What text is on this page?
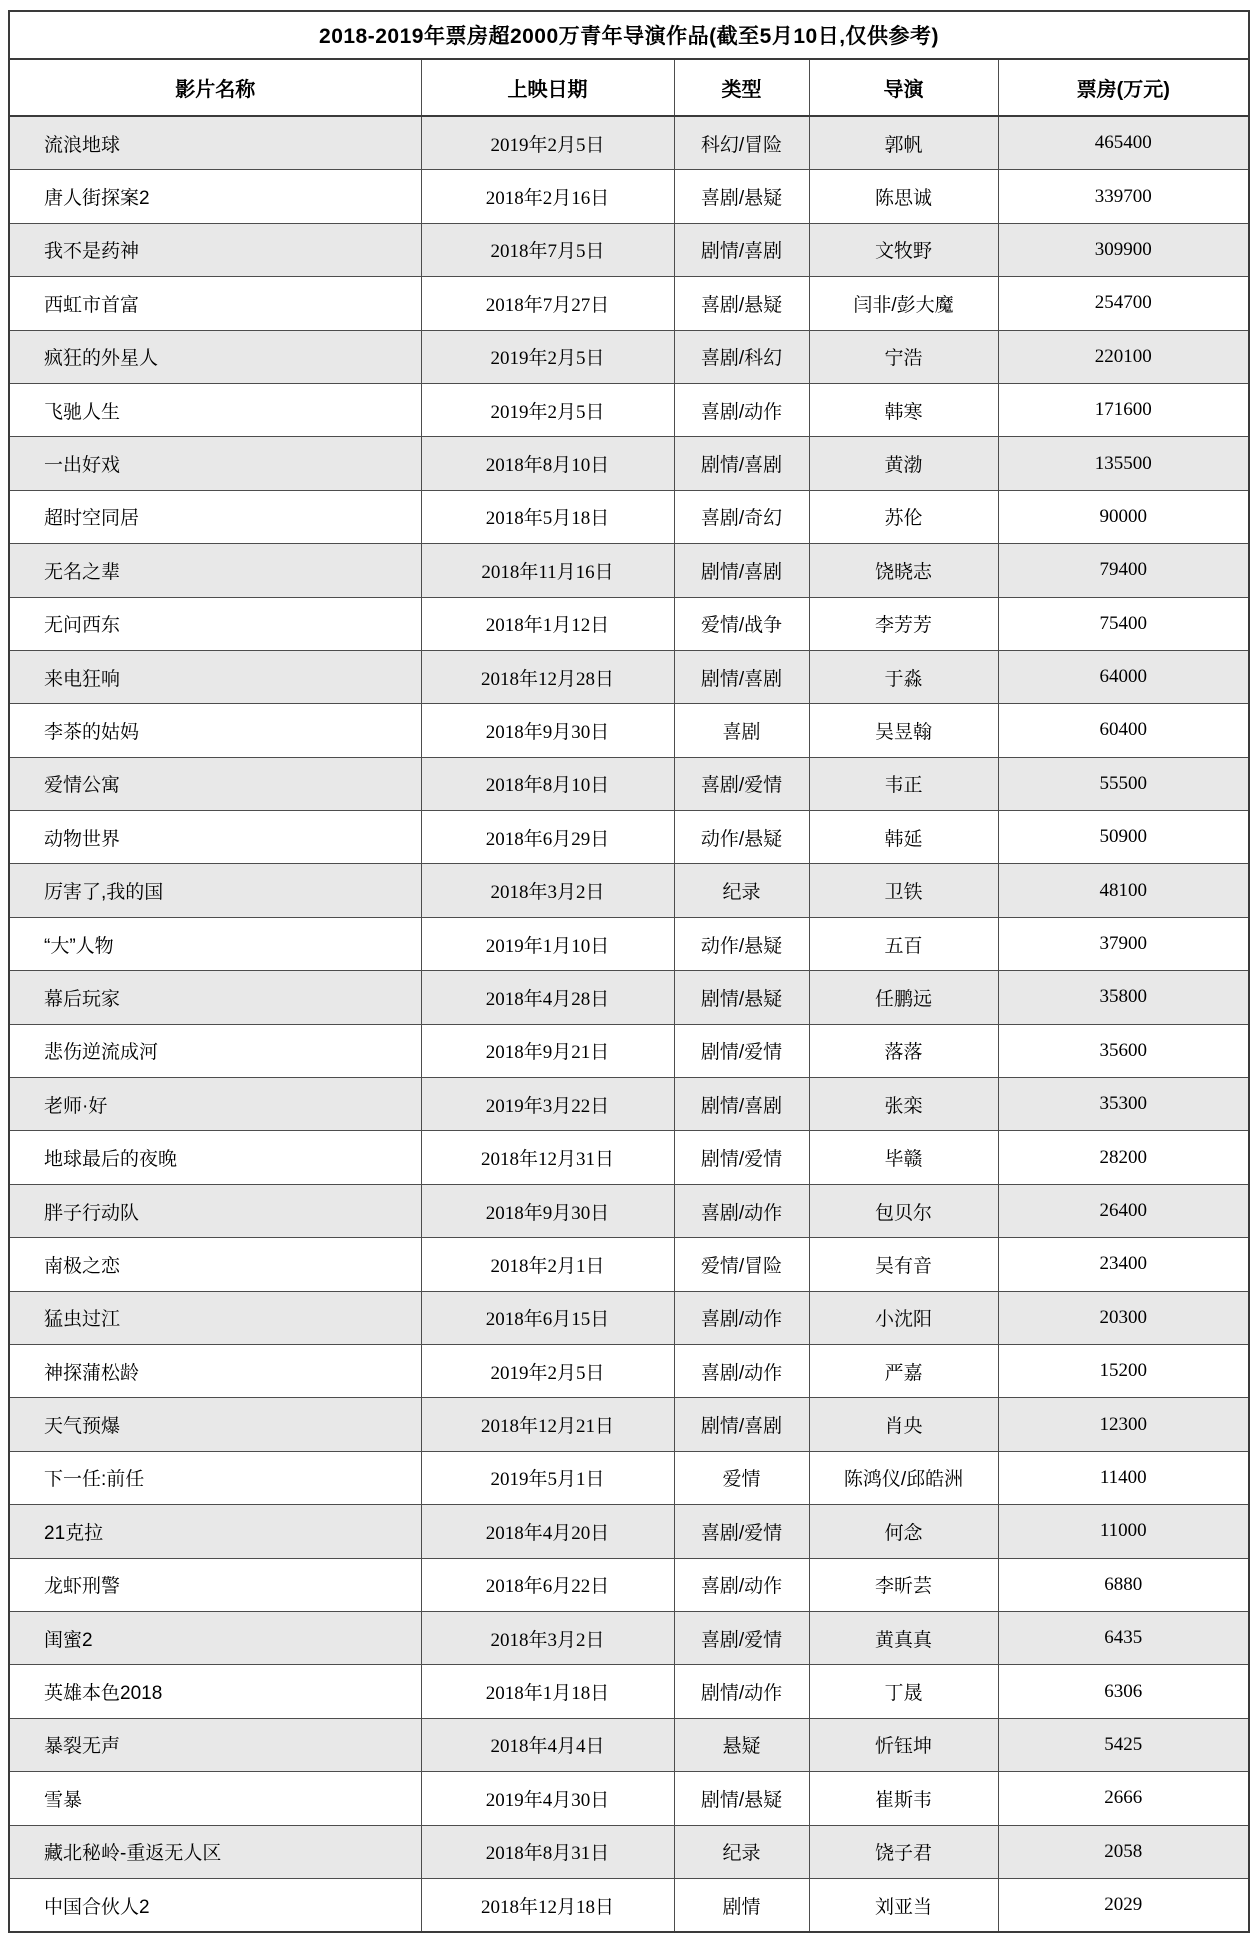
2018-2019年票房超2000万青年导演作品(截至5月10日,仅供参考)				
影片名称	上映日期	类型	导演	票房(万元)
流浪地球	2019年2月5日	科幻/冒险	郭帆	465400
唐人街探案2	2018年2月16日	喜剧/悬疑	陈思诚	339700
我不是药神	2018年7月5日	剧情/喜剧	文牧野	309900
西虹市首富	2018年7月27日	喜剧/悬疑	闫非/彭大魔	254700
疯狂的外星人	2019年2月5日	喜剧/科幻	宁浩	220100
飞驰人生	2019年2月5日	喜剧/动作	韩寒	171600
一出好戏	2018年8月10日	剧情/喜剧	黄渤	135500
超时空同居	2018年5月18日	喜剧/奇幻	苏伦	90000
无名之辈	2018年11月16日	剧情/喜剧	饶晓志	79400
无问西东	2018年1月12日	爱情/战争	李芳芳	75400
来电狂响	2018年12月28日	剧情/喜剧	于淼	64000
李茶的姑妈	2018年9月30日	喜剧	吴昱翰	60400
爱情公寓	2018年8月10日	喜剧/爱情	韦正	55500
动物世界	2018年6月29日	动作/悬疑	韩延	50900
厉害了,我的国	2018年3月2日	纪录	卫铁	48100
“大”人物	2019年1月10日	动作/悬疑	五百	37900
幕后玩家	2018年4月28日	剧情/悬疑	任鹏远	35800
悲伤逆流成河	2018年9月21日	剧情/爱情	落落	35600
老师·好	2019年3月22日	剧情/喜剧	张栾	35300
地球最后的夜晚	2018年12月31日	剧情/爱情	毕赣	28200
胖子行动队	2018年9月30日	喜剧/动作	包贝尔	26400
南极之恋	2018年2月1日	爱情/冒险	吴有音	23400
猛虫过江	2018年6月15日	喜剧/动作	小沈阳	20300
神探蒲松龄	2019年2月5日	喜剧/动作	严嘉	15200
天气预爆	2018年12月21日	剧情/喜剧	肖央	12300
下一任:前任	2019年5月1日	爱情	陈鸿仪/邱皓洲	11400
21克拉	2018年4月20日	喜剧/爱情	何念	11000
龙虾刑警	2018年6月22日	喜剧/动作	李昕芸	6880
闺蜜2	2018年3月2日	喜剧/爱情	黄真真	6435
英雄本色2018	2018年1月18日	剧情/动作	丁晟	6306
暴裂无声	2018年4月4日	悬疑	忻钰坤	5425
雪暴	2019年4月30日	剧情/悬疑	崔斯韦	2666
藏北秘岭-重返无人区	2018年8月31日	纪录	饶子君	2058
中国合伙人2	2018年12月18日	剧情	刘亚当	2029
